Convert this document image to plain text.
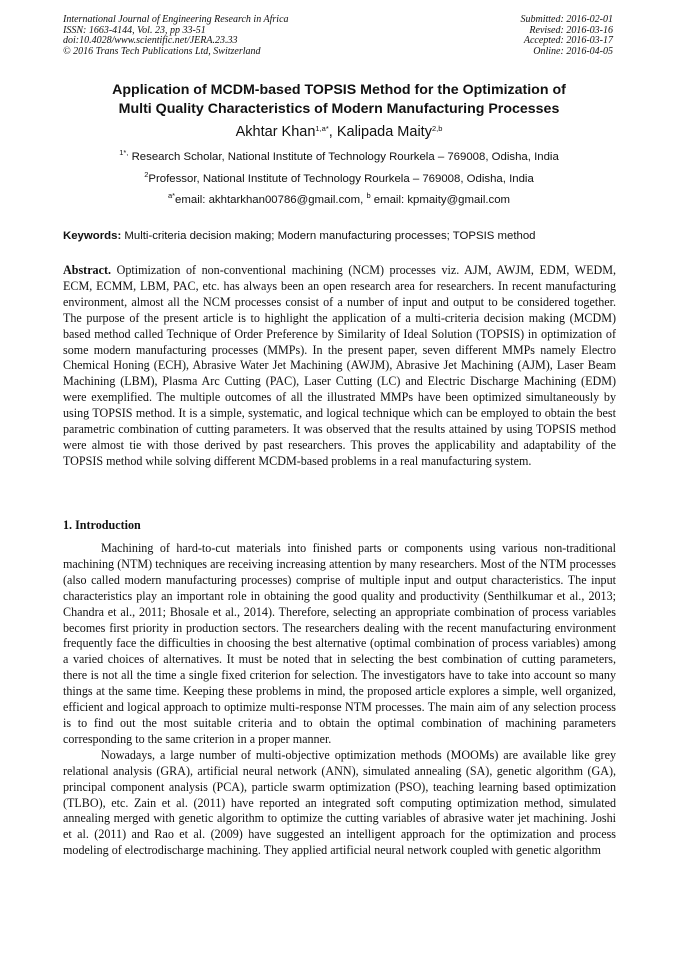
International Journal of Engineering Research in Africa
ISSN: 1663-4144, Vol. 23, pp 33-51
doi:10.4028/www.scientific.net/JERA.23.33
© 2016 Trans Tech Publications Ltd, Switzerland
Submitted: 2016-02-01
Revised: 2016-03-16
Accepted: 2016-03-17
Online: 2016-04-05
Application of MCDM-based TOPSIS Method for the Optimization of
Multi Quality Characteristics of Modern Manufacturing Processes
Akhtar Khan$^{1,a*}$, Kalipada Maity$^{2,b}$
$^{1*,}$ Research Scholar, National Institute of Technology Rourkela – 769008, Odisha, India
$^2$Professor, National Institute of Technology Rourkela – 769008, Odisha, India
$^{a*}$email: akhtarkhan00786@gmail.com, $^b$ email: kpmaity@gmail.com
Keywords: Multi-criteria decision making; Modern manufacturing processes; TOPSIS method
Abstract. Optimization of non-conventional machining (NCM) processes viz. AJM, AWJM, EDM, WEDM, ECM, ECMM, LBM, PAC, etc. has always been an open research area for researchers. In recent manufacturing environment, almost all the NCM processes consist of a number of input and output to be considered together. The purpose of the present article is to highlight the application of a multi-criteria decision making (MCDM) based method called Technique of Order Preference by Similarity of Ideal Solution (TOPSIS) in optimization of some modern manufacturing processes (MMPs). In the present paper, seven different MMPs namely Electro Chemical Honing (ECH), Abrasive Water Jet Machining (AWJM), Abrasive Jet Machining (AJM), Laser Beam Machining (LBM), Plasma Arc Cutting (PAC), Laser Cutting (LC) and Electric Discharge Machining (EDM) were exemplified. The multiple outcomes of all the illustrated MMPs have been optimized simultaneously by using TOPSIS method. It is a simple, systematic, and logical technique which can be employed to obtain the best parametric combination of cutting parameters. It was observed that the results attained by using TOPSIS method were almost tie with those derived by past researchers. This proves the applicability and adaptability of the TOPSIS method while solving different MCDM-based problems in a real manufacturing system.
1. Introduction

Machining of hard-to-cut materials into finished parts or components using various non-traditional machining (NTM) techniques are receiving increasing attention by many researchers. Most of the NTM processes (also called modern manufacturing processes) comprise of multiple input and output characteristics. The input characteristics play an important role in obtaining the good quality and productivity (Senthilkumar et al., 2013; Chandra et al., 2011; Bhosale et al., 2014). Therefore, selecting an appropriate combination of process variables becomes first priority in production sectors. The researchers dealing with the recent manufacturing environment frequently face the difficulties in choosing the best alternative (optimal combination of process variables) among a varied choices of alternatives. It must be noted that in selecting the best combination of cutting parameters, there is not all the time a single fixed criterion for selection. The investigators have to take into account so many things at the same time. Keeping these problems in mind, the proposed article explores a simple, well organized, efficient and logical approach to optimize multi-response NTM processes. The main aim of any selection process is to find out the most suitable criteria and to obtain the optimal combination of machining parameters corresponding to the same criterion in a proper manner.

Nowadays, a large number of multi-objective optimization methods (MOOMs) are available like grey relational analysis (GRA), artificial neural network (ANN), simulated annealing (SA), genetic algorithm (GA), principal component analysis (PCA), particle swarm optimization (PSO), teaching learning based optimization (TLBO), etc. Zain et al. (2011) have reported an integrated soft computing optimization method, simulated annealing merged with genetic algorithm to optimize the cutting variables of abrasive water jet machining. Joshi et al. (2011) and Rao et al. (2009) have suggested an intelligent approach for the optimization and process modeling of electrodischarge machining. They applied artificial neural network coupled with genetic algorithm
